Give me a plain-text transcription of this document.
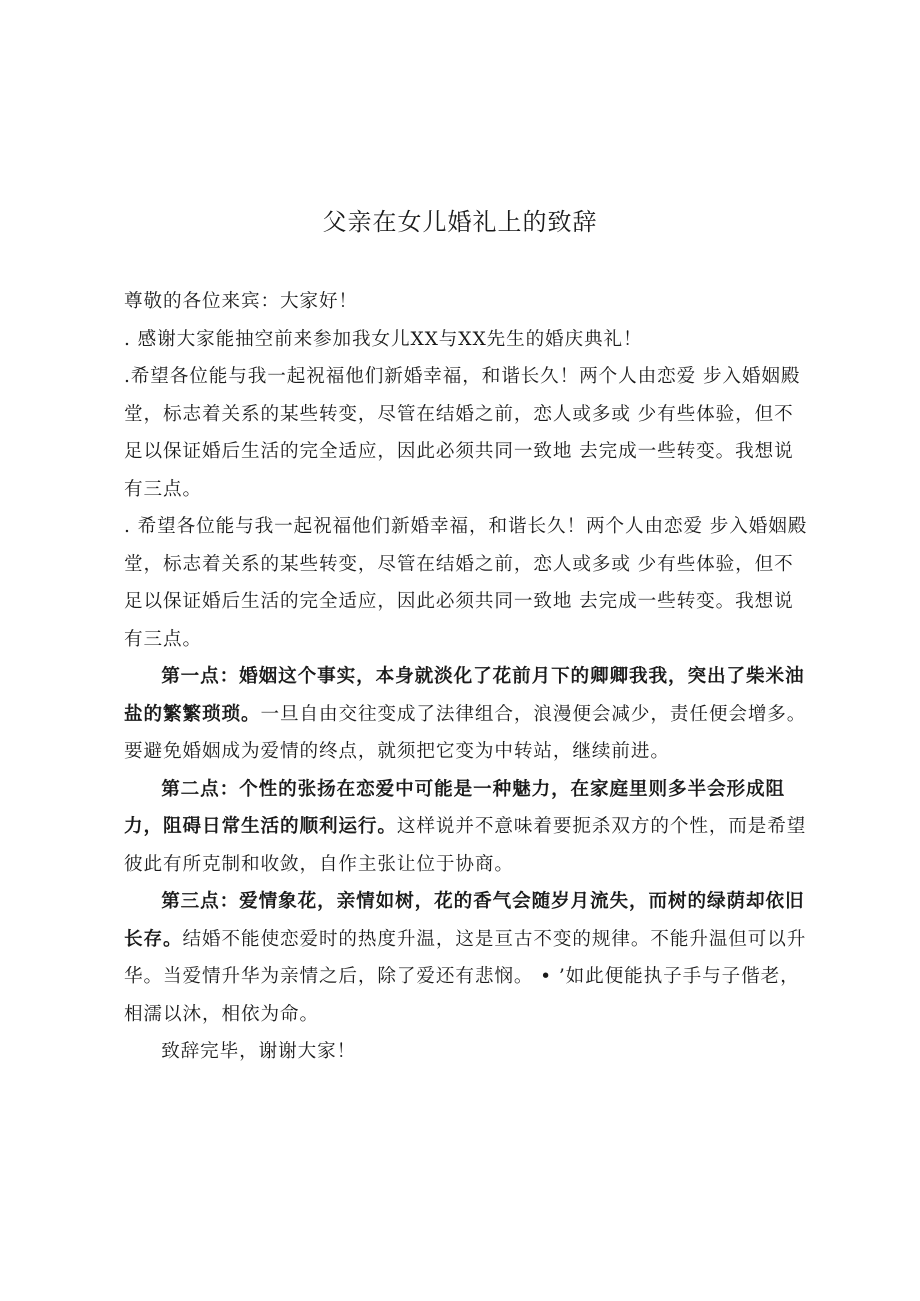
父亲在女儿婚礼上的致辞

尊敬的各位来宾：大家好！

. 感谢大家能抽空前来参加我女儿XX与XX先生的婚庆典礼！

.希望各位能与我一起祝福他们新婚幸福，和谐长久！两个人由恋爱 步入婚姻殿堂，标志着关系的某些转变，尽管在结婚之前，恋人或多或 少有些体验，但不足以保证婚后生活的完全适应，因此必须共同一致地 去完成一些转变。我想说有三点。

. 希望各位能与我一起祝福他们新婚幸福，和谐长久！两个人由恋爱 步入婚姻殿堂，标志着关系的某些转变，尽管在结婚之前，恋人或多或 少有些体验，但不足以保证婚后生活的完全适应，因此必须共同一致地 去完成一些转变。我想说有三点。

第一点：婚姻这个事实，本身就淡化了花前月下的卿卿我我，突出了柴米油盐的繁繁琐琐。一旦自由交往变成了法律组合，浪漫便会减少，责任便会增多。要避免婚姻成为爱情的终点，就须把它变为中转站，继续前进。

第二点：个性的张扬在恋爱中可能是一种魅力，在家庭里则多半会形成阻力，阻碍日常生活的顺利运行。这样说并不意味着要扼杀双方的个性，而是希望彼此有所克制和收敛，自作主张让位于协商。

第三点：爱情象花，亲情如树，花的香气会随岁月流失，而树的绿荫却依旧长存。结婚不能使恋爱时的热度升温，这是亘古不变的规律。不能升温但可以升华。当爱情升华为亲情之后，除了爱还有悲悯。 • ’如此便能执子手与子偕老，相濡以沐，相依为命。

致辞完毕，谢谢大家！
